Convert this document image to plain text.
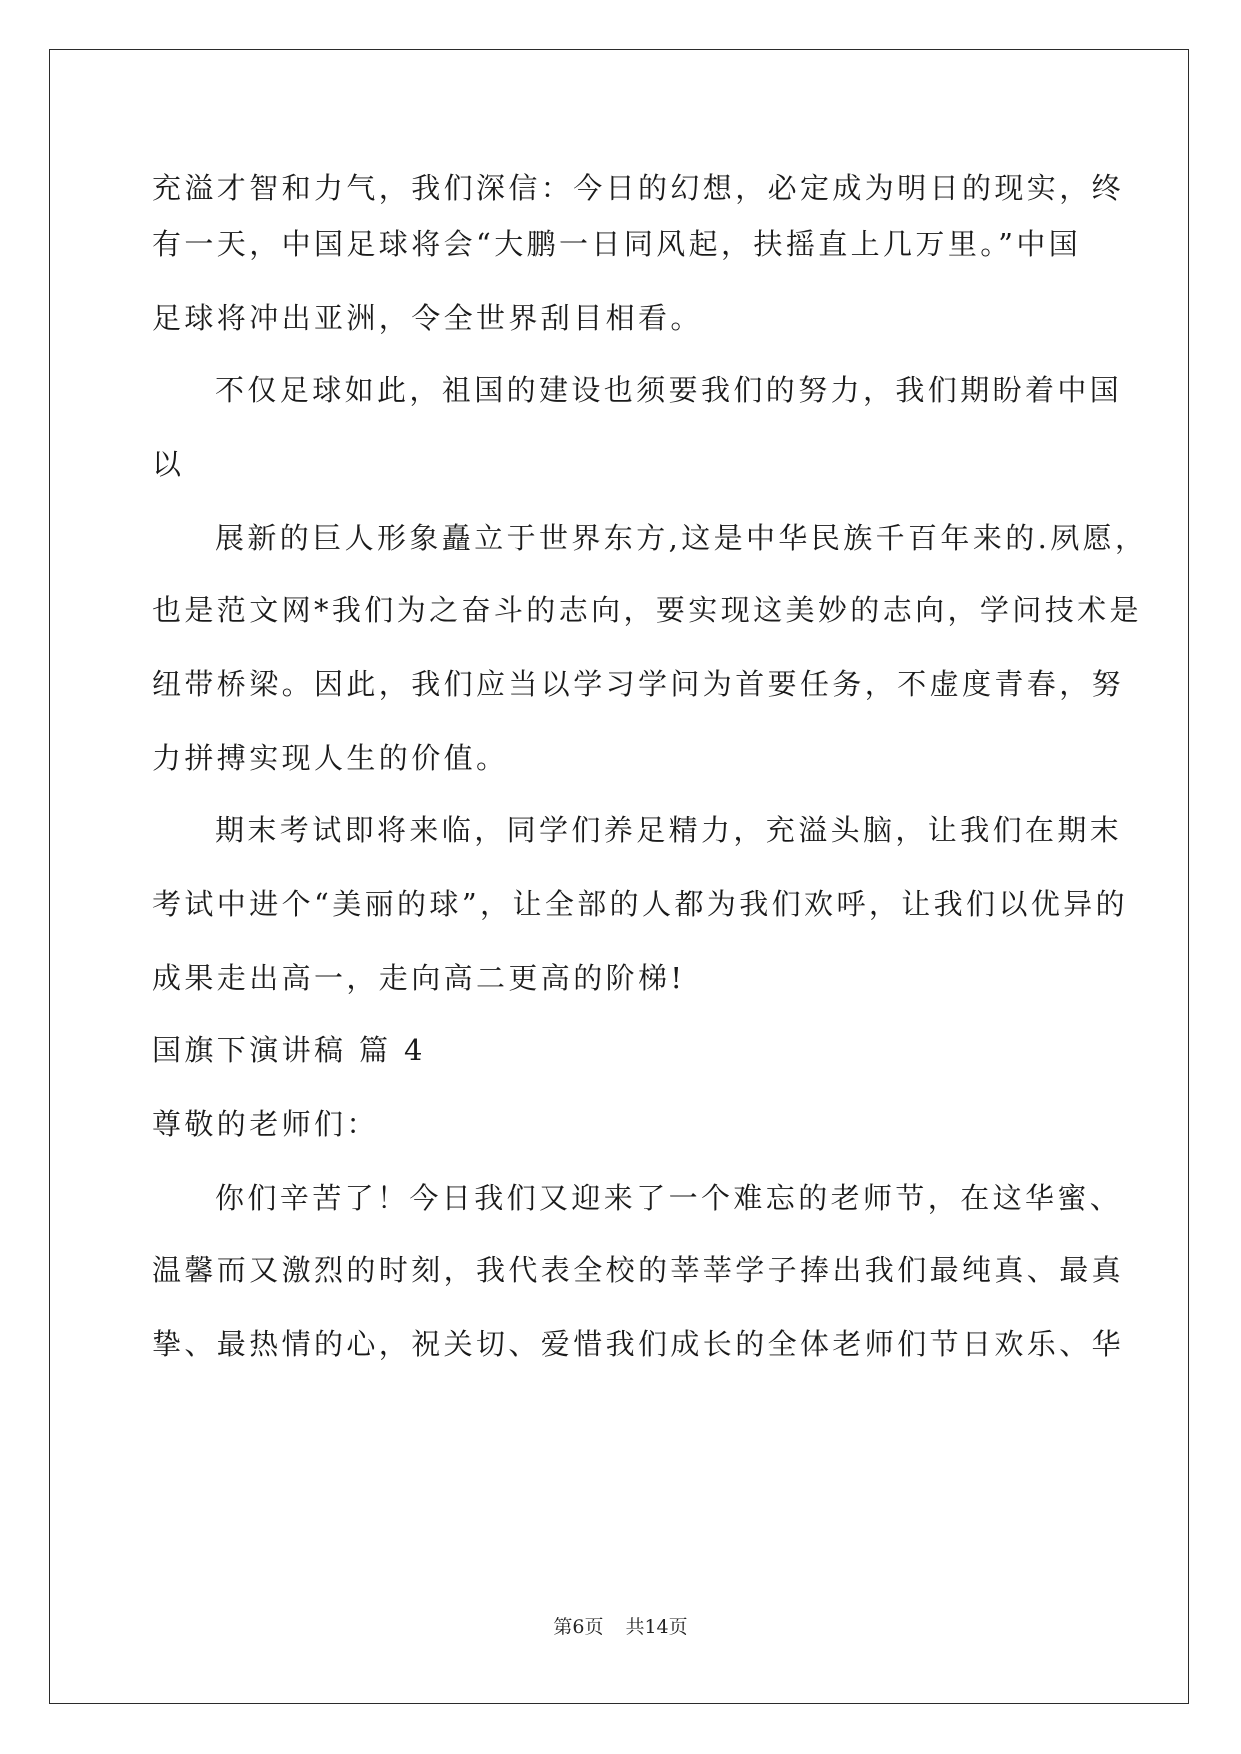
充溢才智和力气，我们深信：今日的幻想，必定成为明日的现实，终
有一天，中国足球将会“大鹏一日同风起，扶摇直上几万里。”中国
足球将冲出亚洲，令全世界刮目相看。
不仅足球如此，祖国的建设也须要我们的努力，我们期盼着中国
以
展新的巨人形象矗立于世界东方,这是中华民族千百年来的.夙愿，
也是范文网*我们为之奋斗的志向，要实现这美妙的志向，学问技术是
纽带桥梁。因此，我们应当以学习学问为首要任务，不虚度青春，努
力拼搏实现人生的价值。
期末考试即将来临，同学们养足精力，充溢头脑，让我们在期末
考试中进个“美丽的球”，让全部的人都为我们欢呼，让我们以优异的
成果走出高一，走向高二更高的阶梯!
国旗下演讲稿 篇 4
尊敬的老师们：
你们辛苦了！今日我们又迎来了一个难忘的老师节，在这华蜜、
温馨而又激烈的时刻，我代表全校的莘莘学子捧出我们最纯真、最真
挚、最热情的心，祝关切、爱惜我们成长的全体老师们节日欢乐、华
第6页 共14页
